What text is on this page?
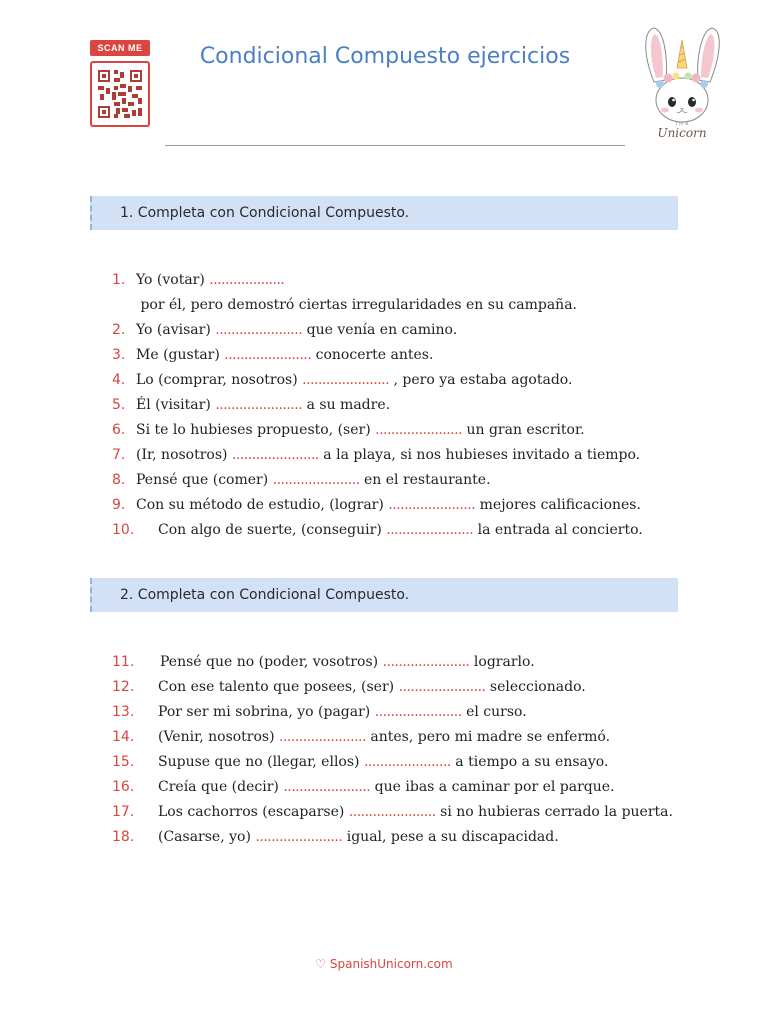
SCAN ME	Condicional Compuesto ejercicios
I'm a
Unicorn
1. Completa con Condicional Compuesto.
1. Yo (votar) ................... por él, pero demostró ciertas irregularidades en su campaña.
2. Yo (avisar) ...................... que venía en camino.
3. Me (gustar) ...................... conocerte antes.
4. Lo (comprar, nosotros) ...................... , pero ya estaba agotado.
5. Él (visitar) ...................... a su madre.
6. Si te lo hubieses propuesto, (ser) ...................... un gran escritor.
7. (Ir, nosotros) ...................... a la playa, si nos hubieses invitado a tiempo.
8. Pensé que (comer) ...................... en el restaurante.
9. Con su método de estudio, (lograr) ...................... mejores calificaciones.
10. Con algo de suerte, (conseguir) ...................... la entrada al concierto.
2. Completa con Condicional Compuesto.
11. Pensé que no (poder, vosotros) ...................... lograrlo.
12. Con ese talento que posees, (ser) ...................... seleccionado.
13. Por ser mi sobrina, yo (pagar) ...................... el curso.
14. (Venir, nosotros) ...................... antes, pero mi madre se enfermó.
15. Supuse que no (llegar, ellos) ...................... a tiempo a su ensayo.
16. Creía que (decir) ...................... que ibas a caminar por el parque.
17. Los cachorros (escaparse) ...................... si no hubieras cerrado la puerta.
18. (Casarse, yo) ...................... igual, pese a su discapacidad.
♡ SpanishUnicorn.com
